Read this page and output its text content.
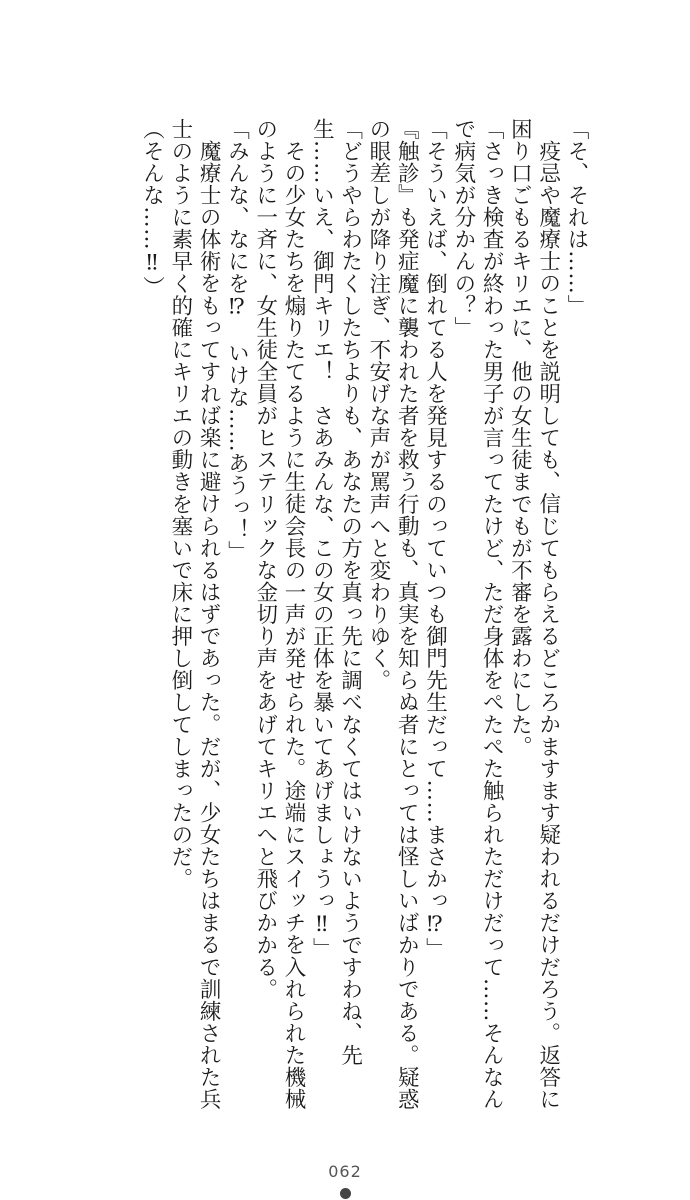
「そ、それは……」

疫忌や魔療士のことを説明しても、信じてもらえるどころかますます疑われるだけだろう。返答に困り口ごもるキリエに、他の女生徒までもが不審を露わにした。

「さっき検査が終わった男子が言ってたけど、ただ身体をぺたぺた触られただけだって……そんなんで病気が分かんの？」

「そういえば、倒れてる人を発見するのっていつも御門先生だって……まさかっ⁉」

『触診』も発症魔に襲われた者を救う行動も、真実を知らぬ者にとっては怪しいばかりである。疑惑の眼差しが降り注ぎ、不安げな声が罵声へと変わりゆく。

「どうやらわたくしたちよりも、あなたの方を真っ先に調べなくてはいけないようですわね、先生……いえ、御門キリエ！　さあみんな、この女の正体を暴いてあげましょうっ‼」

その少女たちを煽りたてるように生徒会長の一声が発せられた。途端にスイッチを入れられた機械のように一斉に、女生徒全員がヒステリックな金切り声をあげてキリエへと飛びかかる。

「みんな、なにを⁉　いけな……あうっ！」

魔療士の体術をもってすれば楽に避けられるはずであった。だが、少女たちはまるで訓練された兵士のように素早く的確にキリエの動きを塞いで床に押し倒してしまったのだ。

（そんな……‼）

062
